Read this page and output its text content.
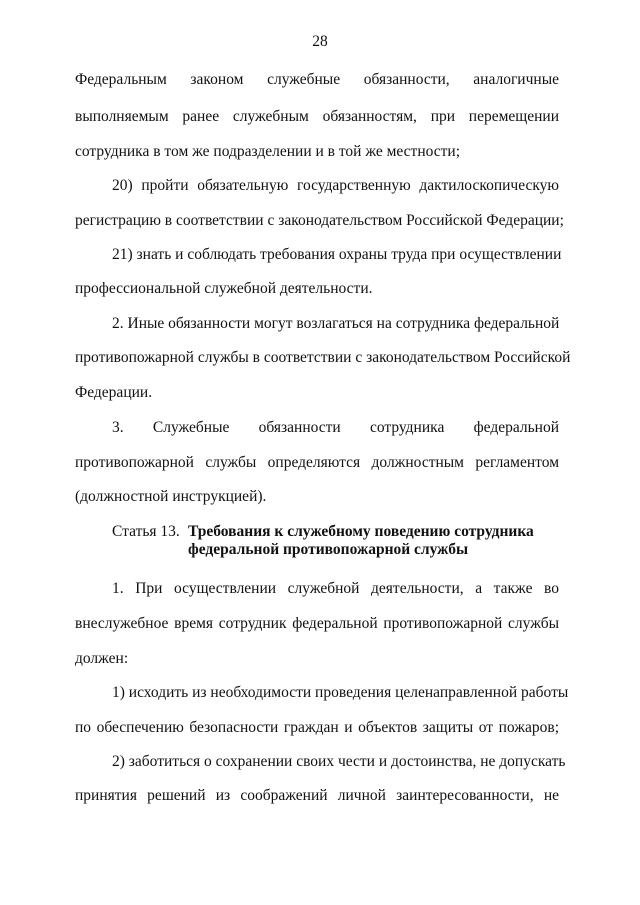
28
Федеральным законом служебные обязанности, аналогичные
выполняемым ранее служебным обязанностям, при перемещении
сотрудника в том же подразделении и в той же местности;
20) пройти обязательную государственную дактилоскопическую
регистрацию в соответствии с законодательством Российской Федерации;
21) знать и соблюдать требования охраны труда при осуществлении
профессиональной служебной деятельности.
2. Иные обязанности могут возлагаться на сотрудника федеральной
противопожарной службы в соответствии с законодательством Российской
Федерации.
3. Служебные обязанности сотрудника федеральной
противопожарной службы определяются должностным регламентом
(должностной инструкцией).
Статья 13. Требования к служебному поведению сотрудника
федеральной противопожарной службы
1. При осуществлении служебной деятельности, а также во
внеслужебное время сотрудник федеральной противопожарной службы
должен:
1) исходить из необходимости проведения целенаправленной работы
по обеспечению безопасности граждан и объектов защиты от пожаров;
2) заботиться о сохранении своих чести и достоинства, не допускать
принятия решений из соображений личной заинтересованности, не
